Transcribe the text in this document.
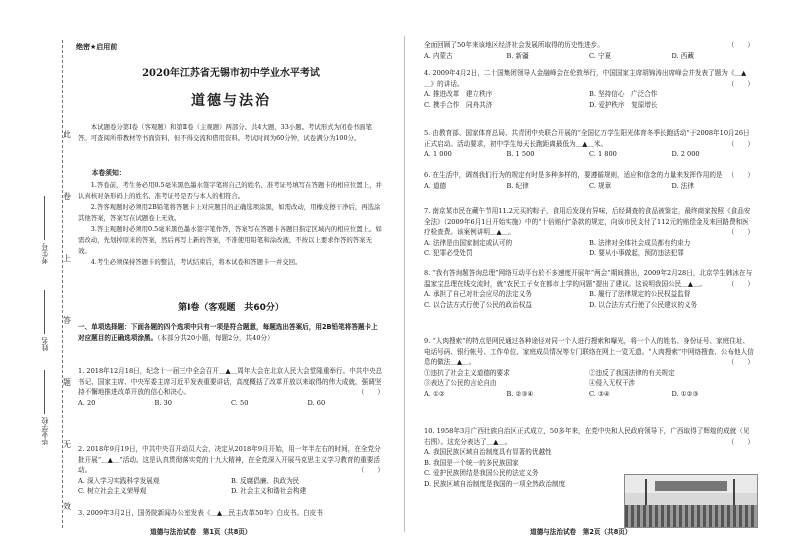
此
卷
上
答
题
无
效
考生号
姓名
毕业学校
绝密★启用前
2020年江苏省无锡市初中学业水平考试
道德与法治

本试题卷分第Ⅰ卷（客观题）和第Ⅱ卷（主观题）两部分。共4大题，33小题。考试形式为闭卷书面笔答。可查阅所带教材等书面资料，但不得交流和借用资料。考试时间为60分钟，试卷满分为100分。

本卷须知：

1.答卷前，考生务必用0.5毫米黑色墨水签字笔将自己的姓名、准考证号填写在答题卡的相应位置上，并认真核对条形码上的姓名、准考证号是否与本人的相符合。

2.答客观题时必须用2B铅笔将答题卡上对应题目的正确选项涂黑，如需改动，用橡皮擦干净后，再选涂其他答案，答案写在试题卷上无效。

3.答主观题时必须用0.5毫米黑色墨水签字笔作答，答案写在答题卡各题目指定区域内的相应位置上。如需改动，先划掉原来的答案，然后再写上新的答案，不准使用铅笔和涂改液，不按以上要求作答的答案无效。

4.考生必须保持答题卡的整洁，考试结束后，将本试卷和答题卡一并交回。

第Ⅰ卷（客观题　共60分）
一、单项选择题：下面各题的四个选项中只有一项是符合题意，每题选出答案后，用2B铅笔将答题卡上对应题目的正确选项涂黑。（本部分共20小题，每题2分，共40分）

1. 2018年12月18日，纪念十一届三中全会召开＿▲＿周年大会在北京人民大会堂隆重举行。中共中央总书记、国家主席、中央军委主席习近平发表重要讲话，高度概括了改革开放以来取得的伟大成就，强调坚持不懈地推进改革开放的信心和决心。	（　　）

A. 20	B. 30	C. 50	D. 60

2. 2018年9月19日，中共中央召开动员大会，决定从2018年9月开始，用一年半左右的时间，在全党分批开展“＿▲＿”活动。这是认真贯彻落实党的十九大精神，在全党深入开展马克思主义学习教育的重要活动。	（　　）

A. 深入学习实践科学发展观	B. 反腐倡廉、执政为民
C. 树立社会主义荣辱观	D. 社会主义和谐社会构建

3. 2009年3月2日，国务院新闻办公室发表《＿▲＿民主改革50年》白皮书。白皮书

道德与法治试卷　第1页（共8页）

全面回顾了50年来该地区经济社会发展所取得的历史性进步。	（　　）

A. 内蒙古	B. 新疆	C. 宁夏	D. 西藏

4. 2009年4月2日，二十国集团领导人金融峰会在伦敦举行，中国国家主席胡锦涛出席峰会并发表了题为《＿▲＿》的讲话。	（　　）

A. 推进改革　建立秩序	B. 坚持信心　广泛合作
C. 携手合作　同舟共济	D. 爱护秩序　复原增长

5. 由教育部、国家体育总局、共青团中央联合开展的“全国亿万学生阳光体育冬季长跑活动”于2008年10月26日正式启动。活动要求，初中学生每天长跑距离最低为＿▲＿米。	（　　）

A. 1 000	B. 1 500	C. 1 800	D. 2 000

6. 在生活中，调剂我们行为的规定有时是多种多样的，要遵循规则，适应和信念的力量来发挥作用的是 （　　）

A. 道德	B. 纪律	C. 规章	D. 法律

7. 南京某市民在藏午节用11.2元买的粽子，食用后发现有异味，后经调查的食品被鉴定，最终商家按照《食品安全法》（2009年6月1日开始实施）中的“十倍赔付”条款的规定，向该市民支付了112元的赔偿金及来回路费和医疗检查费。该案例讲明＿▲＿。	（　　）

A. 法律是由国家制定或认可的	B. 法律对全体社会成员都有约束力
C. 犯罪必受处罚	D. 要从小事做起，预防违法犯罪

8. “我有答询题答询总理”网络互动平台於不多速度开展年“两会”期间推出，2009年2月28日，北京学生韩冰在与温家宝总理在线交流时，就“农民工子女在都市上学的问题”提出了建议。这说明我国公民＿▲＿。	（　　）

A. 承担了自己对社会应尽的法定义务	B. 履行了法律规定的公民权益监督
C. 以合法方式行使了公民的政治权益	D. 以合法方式行使了公民建议的义务

9. “人肉搜索”的特点是网民通过各种途径对同一个人进行搜索和曝光，将一个人的姓名、身份证号、家庭住址、电话号码、银行帐号、工作单位、家庭成员情况等专门联络在网上一览无遗。“人肉搜索”中网络搜查、公布他人信息的做法＿▲＿。	（　　）

①违抗了社会主义道德的要求	②违反了我国法律的有关规定
③表达了公民的言论自由	④侵入无权干涉
A. ①②	B. ②③④	C. ③④	D. ①②③

10. 1958年3月广西壮族自治区正式成立，50多年来，在党中央和人民政府领导下，广西取得了辉煌的成就（见右图）。这充分表达了＿▲＿。	（　　）

A. 我国民族区域自治制度具有显著的优越性
B. 我国是一个统一的多民族国家
C. 爱护民族团结是我国公民的法定义务
D. 民族区域自治制度是我国的一项全然政治制度
道德与法治试卷　第2页（共8页）
